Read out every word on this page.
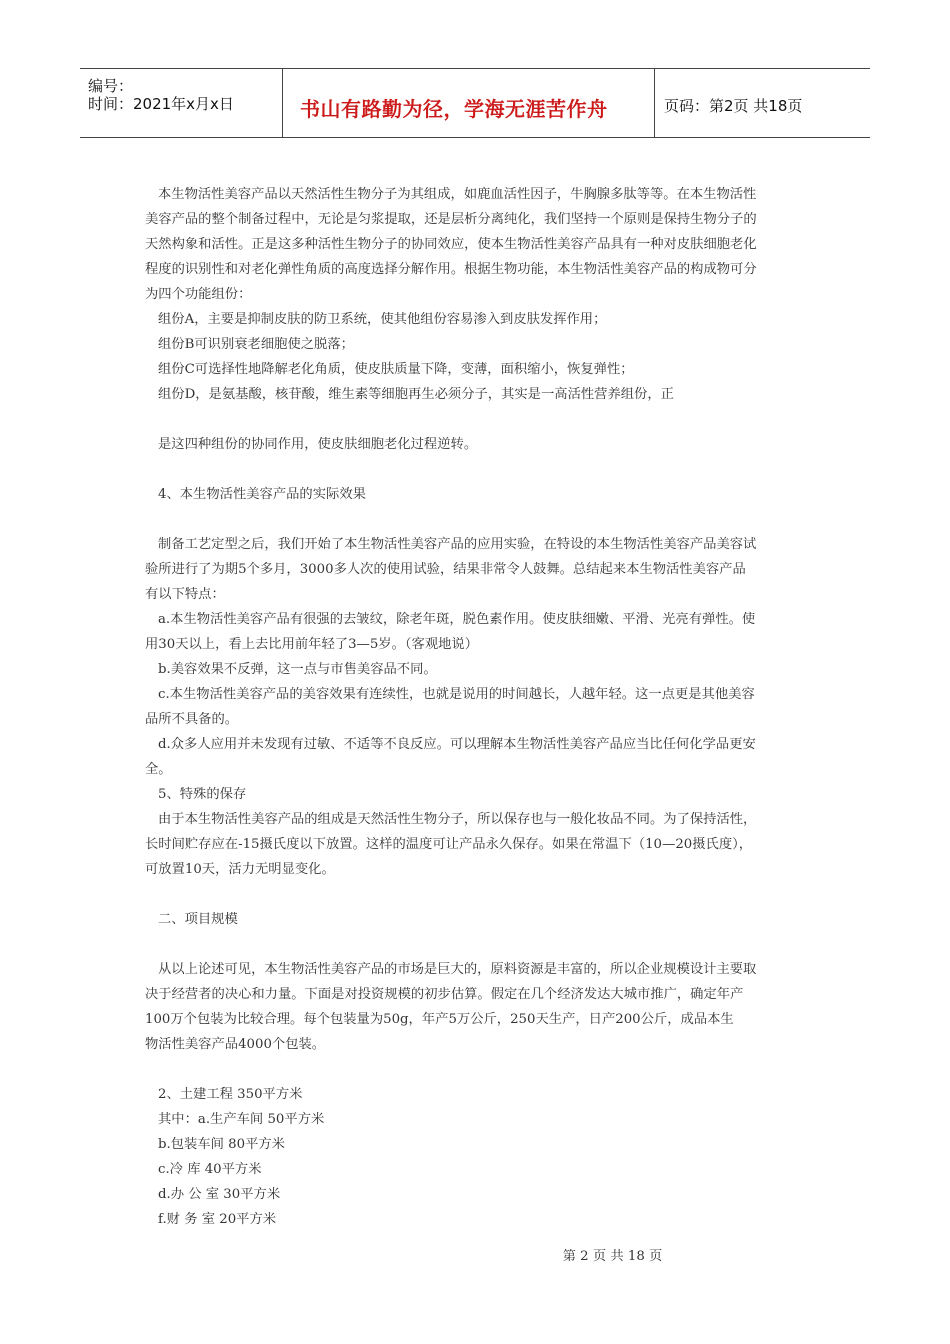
编号：
时间：2021年x月x日	书山有路勤为径，学海无涯苦作舟	页码：第2页 共18页
本生物活性美容产品以天然活性生物分子为其组成，如鹿血活性因子，牛胸腺多肽等等。在本生物活性
美容产品的整个制备过程中，无论是匀浆提取，还是层析分离纯化，我们坚持一个原则是保持生物分子的
天然构象和活性。正是这多种活性生物分子的协同效应，使本生物活性美容产品具有一种对皮肤细胞老化
程度的识别性和对老化弹性角质的高度选择分解作用。根据生物功能，本生物活性美容产品的构成物可分
为四个功能组份：
组份A，主要是抑制皮肤的防卫系统，使其他组份容易渗入到皮肤发挥作用；
组份B可识别衰老细胞使之脱落；
组份C可选择性地降解老化角质，使皮肤质量下降，变薄，面积缩小，恢复弹性；
组份D，是氨基酸，核苷酸，维生素等细胞再生必须分子，其实是一高活性营养组份，正
是这四种组份的协同作用，使皮肤细胞老化过程逆转。
4、本生物活性美容产品的实际效果
制备工艺定型之后，我们开始了本生物活性美容产品的应用实验，在特设的本生物活性美容产品美容试
验所进行了为期5个多月，3000多人次的使用试验，结果非常令人鼓舞。总结起来本生物活性美容产品
有以下特点：
a.本生物活性美容产品有很强的去皱纹，除老年斑，脱色素作用。使皮肤细嫩、平滑、光亮有弹性。使
用30天以上，看上去比用前年轻了3—5岁。（客观地说）
b.美容效果不反弹，这一点与市售美容品不同。
c.本生物活性美容产品的美容效果有连续性，也就是说用的时间越长，人越年轻。这一点更是其他美容
品所不具备的。
d.众多人应用并未发现有过敏、不适等不良反应。可以理解本生物活性美容产品应当比任何化学品更安
全。
5、特殊的保存
由于本生物活性美容产品的组成是天然活性生物分子，所以保存也与一般化妆品不同。为了保持活性，
长时间贮存应在-15摄氏度以下放置。这样的温度可让产品永久保存。如果在常温下（10—20摄氏度），
可放置10天，活力无明显变化。
二、项目规模
从以上论述可见，本生物活性美容产品的市场是巨大的，原料资源是丰富的，所以企业规模设计主要取
决于经营者的决心和力量。下面是对投资规模的初步估算。假定在几个经济发达大城市推广，确定年产
100万个包装为比较合理。每个包装量为50g，年产5万公斤，250天生产，日产200公斤，成品本生
物活性美容产品4000个包装。
2、土建工程 350平方米
其中：a.生产车间 50平方米
b.包装车间 80平方米
c.冷 库 40平方米
d.办 公 室 30平方米
f.财 务 室 20平方米
第 2 页 共 18 页
